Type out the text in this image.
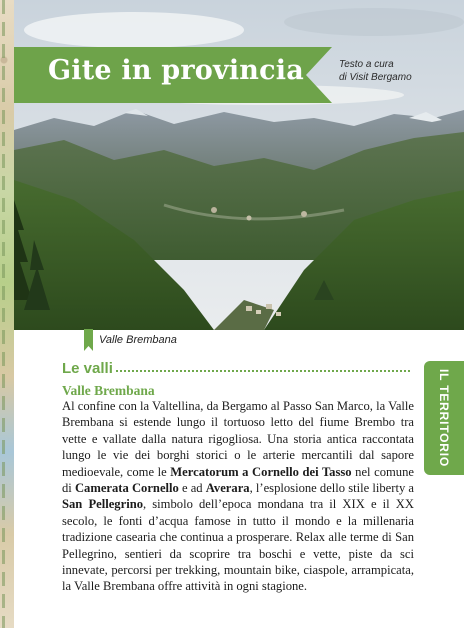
Gite in provincia	Testo a cura
di Visit Bergamo
Valle Brembana
Le valli
Valle Brembana

Al confine con la Valtellina, da Bergamo al Passo San Marco, la Valle Brembana si estende lungo il tortuoso letto del fiume Brembo tra vette e vallate dalla natura rigogliosa. Una storia antica raccontata lungo le vie dei borghi storici o le arterie mercantili dal sapore medioevale, come le Mercatorum a Cornello dei Tasso nel comune di Camerata Cornello e ad Averara, l’esplosione dello stile liberty a San Pellegrino, simbolo dell’epoca mondana tra il XIX e il XX secolo, le fonti d’acqua famose in tutto il mondo e la millenaria tradizione casearia che continua a prosperare. Relax alle terme di San Pellegrino, sentieri da scoprire tra boschi e vette, piste da sci innevate, percorsi per trekking, mountain bike, ciaspole, arrampicata, la Valle Brembana offre attività in ogni stagione.

IL TERRITORIO
